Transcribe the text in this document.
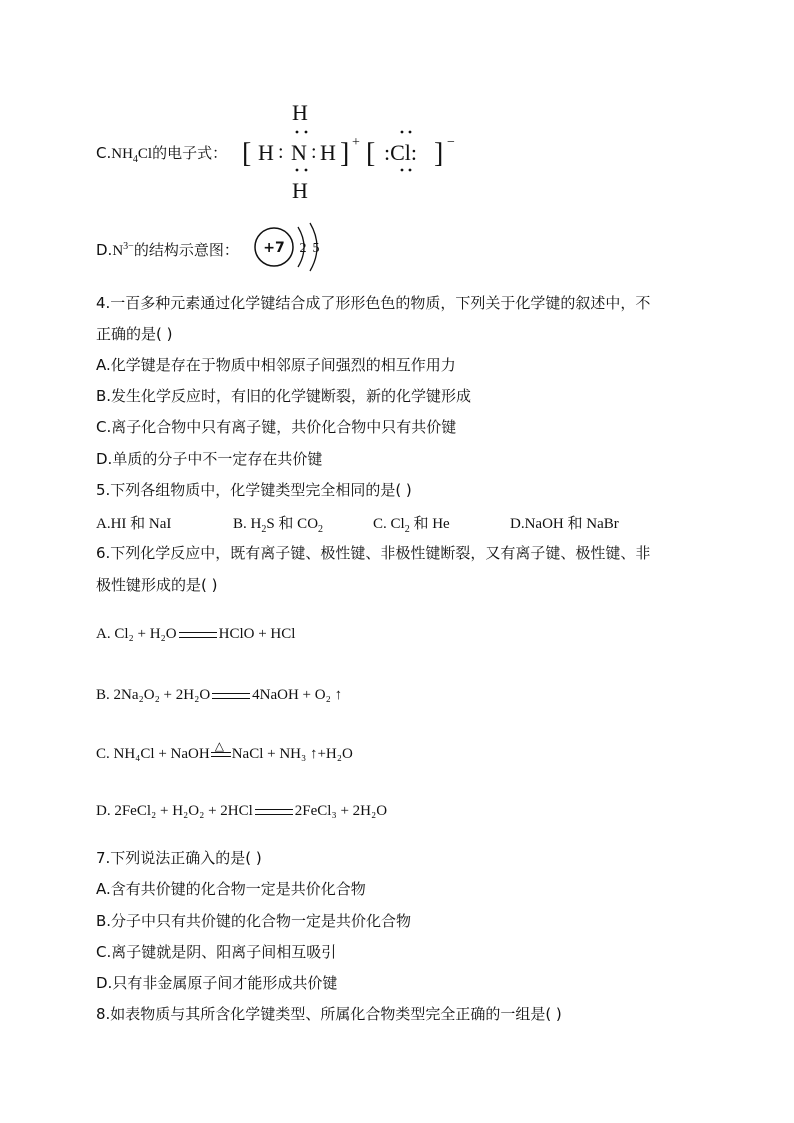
$C.NH_4Cl$的电子式：
H
[ H : N : H ] +
H
[ :Cl: ] −
$D.N^{3-}$的结构示意图： +7 2 5
4.一百多种元素通过化学键结合成了形形色色的物质，下列关于化学键的叙述中，不
正确的是( )
A.化学键是存在于物质中相邻原子间强烈的相互作用力
B.发生化学反应时，有旧的化学键断裂，新的化学键形成
C.离子化合物中只有离子键，共价化合物中只有共价键
D.单质的分子中不一定存在共价键
5.下列各组物质中，化学键类型完全相同的是( )
A.HI 和 NaI	B. $H_2S$ 和 $CO_2$	C. $Cl_2$ 和 He	D.NaOH 和 NaBr
6.下列化学反应中，既有离子键、极性键、非极性键断裂，又有离子键、极性键、非
极性键形成的是( )
A. Cl₂ + H₂O	HClO + HCl
B. 2Na₂O₂ + 2H₂O	4NaOH + O₂ ↑
C. NH₄Cl + NaOH
△
NaCl + NH₃ ↑+H₂O
D. 2FeCl₂ + H₂O₂ + 2HCl	2FeCl₃ + 2H₂O
7.下列说法正确入的是( )
A.含有共价键的化合物一定是共价化合物
B.分子中只有共价键的化合物一定是共价化合物
C.离子键就是阴、阳离子间相互吸引
D.只有非金属原子间才能形成共价键
8.如表物质与其所含化学键类型、所属化合物类型完全正确的一组是( )
